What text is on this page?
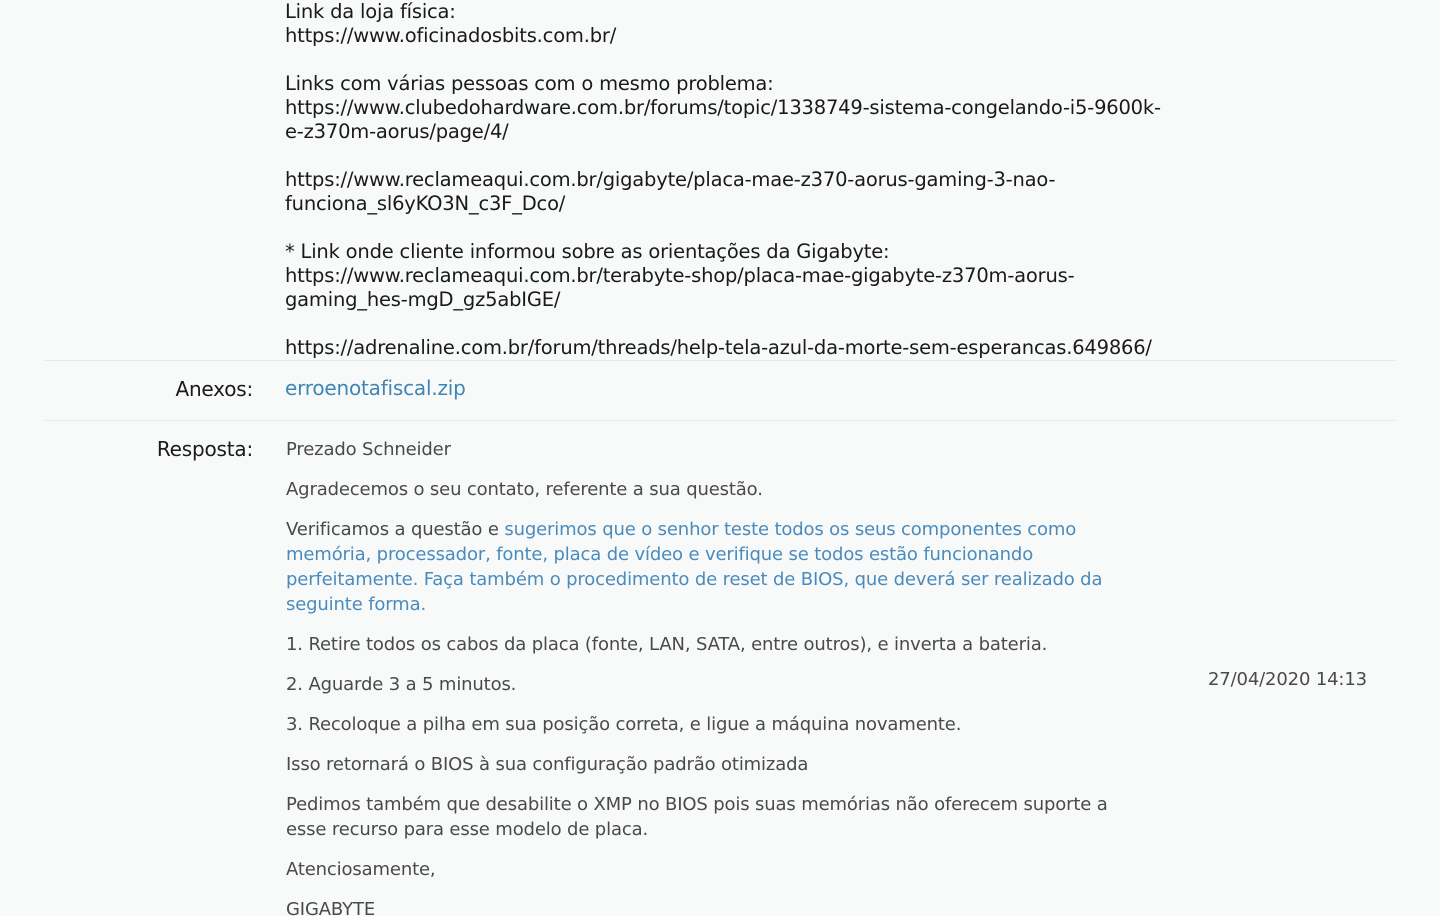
Link da loja física:
https://www.oficinadosbits.com.br/
Links com várias pessoas com o mesmo problema:
https://www.clubedohardware.com.br/forums/topic/1338749-sistema-congelando-i5-9600k-
e-z370m-aorus/page/4/
https://www.reclameaqui.com.br/gigabyte/placa-mae-z370-aorus-gaming-3-nao-
funciona_sl6yKO3N_c3F_Dco/
* Link onde cliente informou sobre as orientações da Gigabyte:
https://www.reclameaqui.com.br/terabyte-shop/placa-mae-gigabyte-z370m-aorus-
gaming_hes-mgD_gz5abIGE/
https://adrenaline.com.br/forum/threads/help-tela-azul-da-morte-sem-esperancas.649866/
Anexos: erroenotafiscal.zip
Resposta: Prezado Schneider

Agradecemos o seu contato, referente a sua questão.

Verificamos a questão e sugerimos que o senhor teste todos os seus componentes como memória, processador, fonte, placa de vídeo e verifique se todos estão funcionando perfeitamente. Faça também o procedimento de reset de BIOS, que deverá ser realizado da seguinte forma.

1. Retire todos os cabos da placa (fonte, LAN, SATA, entre outros), e inverta a bateria.

2. Aguarde 3 a 5 minutos.

3. Recoloque a pilha em sua posição correta, e ligue a máquina novamente.

Isso retornará o BIOS à sua configuração padrão otimizada

Pedimos também que desabilite o XMP no BIOS pois suas memórias não oferecem suporte a esse recurso para esse modelo de placa.

Atenciosamente,

GIGABYTE

27/04/2020 14:13
